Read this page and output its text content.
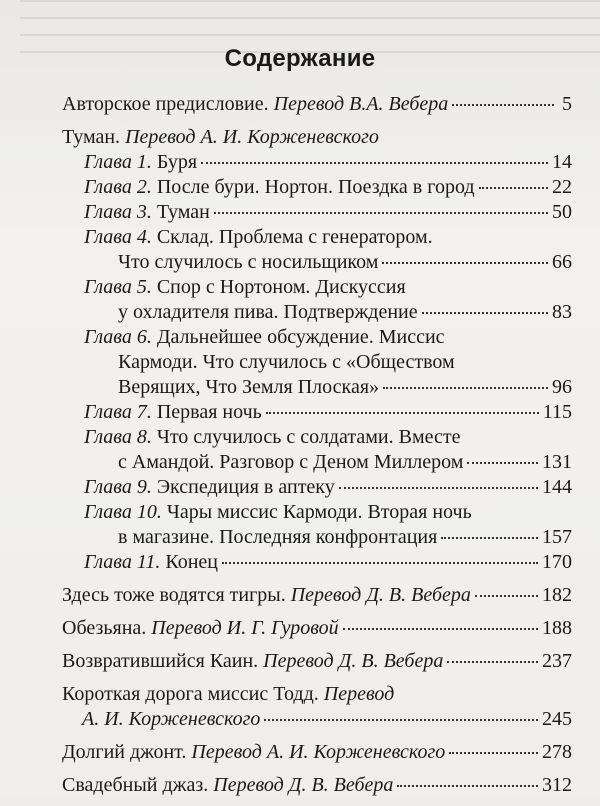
Содержание
Авторское предисловие. Перевод В.А. Вебера	5
Туман. Перевод А. И. Корженевского
Глава 1. Буря	14
Глава 2. После бури. Нортон. Поездка в город	22
Глава 3. Туман	50
Глава 4. Склад. Проблема с генератором.
Что случилось с носильщиком	66
Глава 5. Спор с Нортоном. Дискуссия
у охладителя пива. Подтверждение	83
Глава 6. Дальнейшее обсуждение. Миссис
Кармоди. Что случилось с «Обществом
Верящих, Что Земля Плоская»	96
Глава 7. Первая ночь	115
Глава 8. Что случилось с солдатами. Вместе
с Амандой. Разговор с Деном Миллером	131
Глава 9. Экспедиция в аптеку	144
Глава 10. Чары миссис Кармоди. Вторая ночь
в магазине. Последняя конфронтация	157
Глава 11. Конец	170
Здесь тоже водятся тигры. Перевод Д. В. Вебера	182
Обезьяна. Перевод И. Г. Гуровой	188
Возвратившийся Каин. Перевод Д. В. Вебера	237
Короткая дорога миссис Тодд. Перевод
А. И. Корженевского	245
Долгий джонт. Перевод А. И. Корженевского	278
Свадебный джаз. Перевод Д. В. Вебера	312
